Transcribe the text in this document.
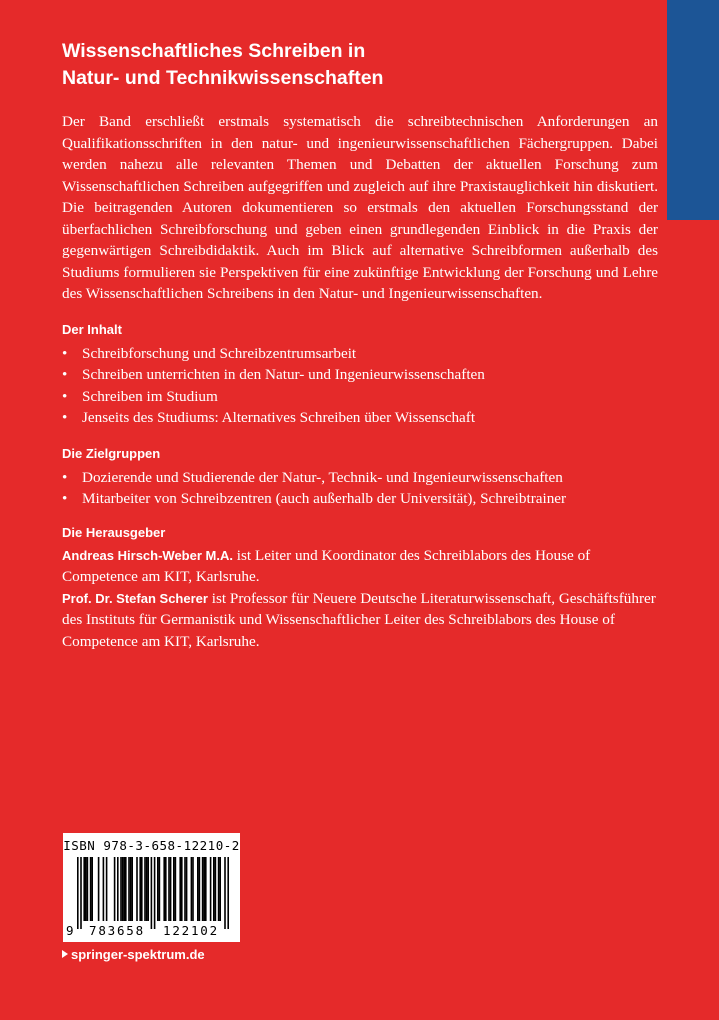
Wissenschaftliches Schreiben in
Natur- und Technikwissenschaften

Der Band erschließt erstmals systematisch die schreibtechnischen Anforderungen an Qualifikationsschriften in den natur- und ingenieurwissenschaftlichen Fächergruppen. Dabei werden nahezu alle relevanten Themen und Debatten der aktuellen Forschung zum Wissenschaftlichen Schreiben aufgegriffen und zugleich auf ihre Praxistauglichkeit hin diskutiert. Die beitragenden Autoren dokumentieren so erstmals den aktuellen Forschungsstand der überfachlichen Schreibforschung und geben einen grundlegenden Einblick in die Praxis der gegenwärtigen Schreibdidaktik. Auch im Blick auf alternative Schreibformen außerhalb des Studiums formulieren sie Perspektiven für eine zukünftige Entwicklung der Forschung und Lehre des Wissenschaftlichen Schreibens in den Natur- und Ingenieurwissenschaften.

Der Inhalt
• Schreibforschung und Schreibzentrumsarbeit
• Schreiben unterrichten in den Natur- und Ingenieurwissenschaften
• Schreiben im Studium
• Jenseits des Studiums: Alternatives Schreiben über Wissenschaft
Die Zielgruppen
• Dozierende und Studierende der Natur-, Technik- und Ingenieurwissenschaften
• Mitarbeiter von Schreibzentren (auch außerhalb der Universität), Schreibtrainer
Die Herausgeber

Andreas Hirsch-Weber M.A. ist Leiter und Koordinator des Schreiblabors des House of Competence am KIT, Karlsruhe.

Prof. Dr. Stefan Scherer ist Professor für Neuere Deutsche Literaturwissenschaft, Geschäftsführer des Instituts für Germanistik und Wissenschaftlicher Leiter des Schreiblabors des House of Competence am KIT, Karlsruhe.

ISBN 978-3-658-12210-2
9 783658 122102
springer-spektrum.de
